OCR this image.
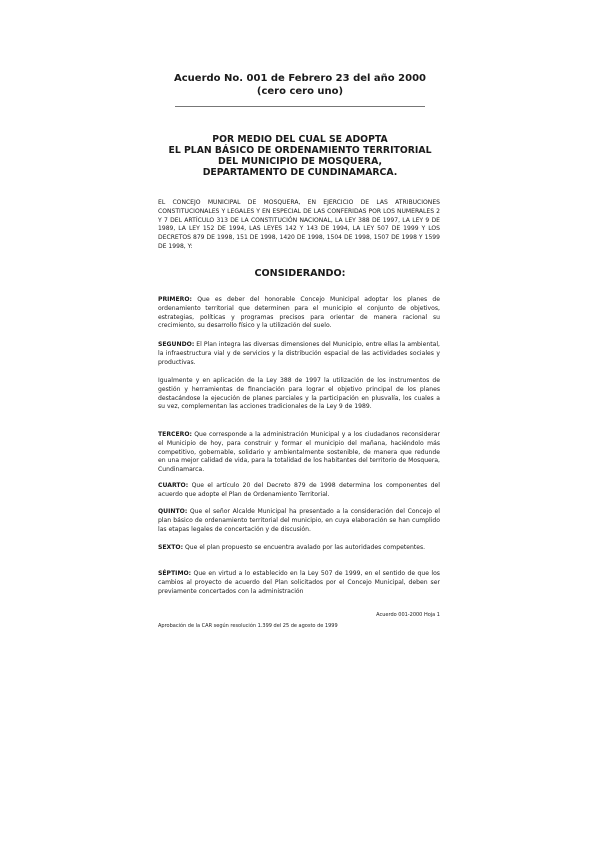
Acuerdo No. 001 de Febrero 23 del año 2000
(cero cero uno)
POR MEDIO DEL CUAL SE ADOPTA
EL PLAN BÁSICO DE ORDENAMIENTO TERRITORIAL
DEL MUNICIPIO DE MOSQUERA,
DEPARTAMENTO DE CUNDINAMARCA.
EL CONCEJO MUNICIPAL DE MOSQUERA, EN EJERCICIO DE LAS ATRIBUCIONES CONSTITUCIONALES Y LEGALES Y EN ESPECIAL DE LAS CONFERIDAS POR LOS NUMERALES 2 Y 7 DEL ARTÍCULO 313 DE LA CONSTITUCIÓN NACIONAL, LA LEY 388 DE 1997, LA LEY 9 DE 1989, LA LEY 152 DE 1994, LAS LEYES 142 Y 143 DE 1994, LA LEY 507 DE 1999 Y LOS DECRETOS 879 DE 1998, 151 DE 1998, 1420 DE 1998, 1504 DE 1998, 1507 DE 1998 Y 1599 DE 1998, Y:
CONSIDERANDO:

PRIMERO: Que es deber del honorable Concejo Municipal adoptar los planes de ordenamiento territorial que determinen para el municipio el conjunto de objetivos, estrategias, políticas y programas precisos para orientar de manera racional su crecimiento, su desarrollo físico y la utilización del suelo.

SEGUNDO: El Plan integra las diversas dimensiones del Municipio, entre ellas la ambiental, la infraestructura vial y de servicios y la distribución espacial de las actividades sociales y productivas.

Igualmente y en aplicación de la Ley 388 de 1997 la utilización de los instrumentos de gestión y herramientas de financiación para lograr el objetivo principal de los planes destacándose la ejecución de planes parciales y la participación en plusvalía, los cuales a su vez, complementan las acciones tradicionales de la Ley 9 de 1989.

TERCERO: Que corresponde a la administración Municipal y a los ciudadanos reconsiderar el Municipio de hoy, para construir y formar el municipio del mañana, haciéndolo más competitivo, gobernable, solidario y ambientalmente sostenible, de manera que redunde en una mejor calidad de vida, para la totalidad de los habitantes del territorio de Mosquera, Cundinamarca.

CUARTO: Que el artículo 20 del Decreto 879 de 1998 determina los componentes del acuerdo que adopte el Plan de Ordenamiento Territorial.

QUINTO: Que el señor Alcalde Municipal ha presentado a la consideración del Concejo el plan básico de ordenamiento territorial del municipio, en cuya elaboración se han cumplido las etapas legales de concertación y de discusión.

SEXTO: Que el plan propuesto se encuentra avalado por las autoridades competentes.

SÉPTIMO: Que en virtud a lo establecido en la Ley 507 de 1999, en el sentido de que los cambios al proyecto de acuerdo del Plan solicitados por el Concejo Municipal, deben ser previamente concertados con la administración

Acuerdo 001-2000 Hoja 1
Aprobación de la CAR según resolución 1.399 del 25 de agosto de 1999
